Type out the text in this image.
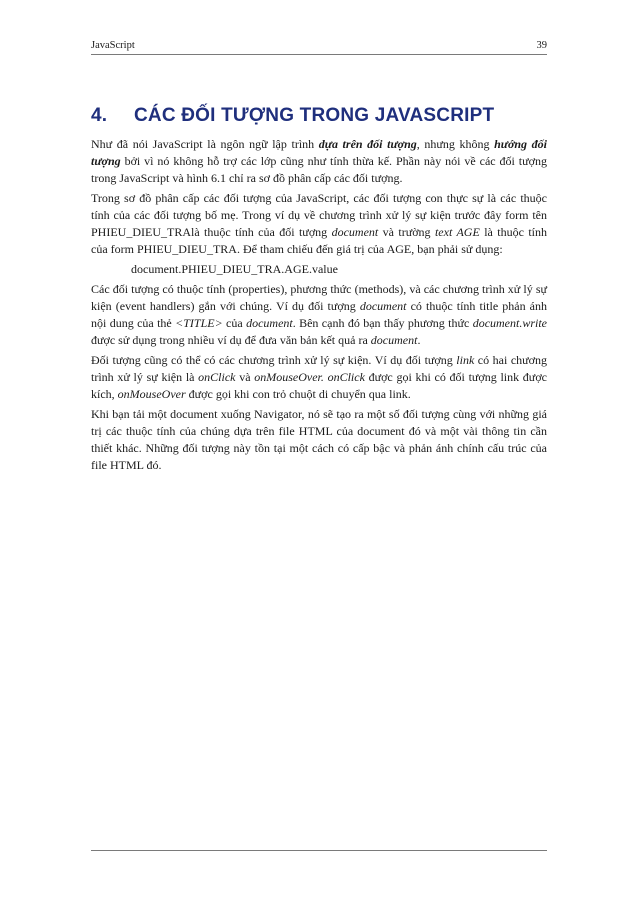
JavaScript	39
4.	CÁC ĐỐI TƯỢNG TRONG JAVASCRIPT

Như đã nói JavaScript là ngôn ngữ lập trình dựa trên đối tượng, nhưng không hướng đối tượng bởi vì nó không hỗ trợ các lớp cũng như tính thừa kế. Phần này nói về các đối tượng trong JavaScript và hình 6.1 chỉ ra sơ đồ phân cấp các đối tượng.

Trong sơ đồ phân cấp các đối tượng của JavaScript, các đối tượng con thực sự là các thuộc tính của các đối tượng bố mẹ. Trong ví dụ về chương trình xử lý sự kiện trước đây form tên PHIEU_DIEU_TRAlà thuộc tính của đối tượng document và trường text AGE là thuộc tính của form PHIEU_DIEU_TRA. Để tham chiếu đến giá trị của AGE, bạn phải sử dụng:

document.PHIEU_DIEU_TRA.AGE.value

Các đối tượng có thuộc tính (properties), phương thức (methods), và các chương trình xử lý sự kiện (event handlers) gắn với chúng. Ví dụ đối tượng document có thuộc tính title phản ánh nội dung của thẻ <TITLE> của document. Bên cạnh đó bạn thấy phương thức document.write được sử dụng trong nhiều ví dụ để đưa văn bản kết quả ra document.

Đối tượng cũng có thể có các chương trình xử lý sự kiện. Ví dụ đối tượng link có hai chương trình xử lý sự kiện là onClick và onMouseOver. onClick được gọi khi có đối tượng link được kích, onMouseOver được gọi khi con trỏ chuột di chuyển qua link.

Khi bạn tải một document xuống Navigator, nó sẽ tạo ra một số đối tượng cùng với những giá trị các thuộc tính của chúng dựa trên file HTML của document đó và một vài thông tin cần thiết khác. Những đối tượng này tồn tại một cách có cấp bậc và phản ánh chính cấu trúc của file HTML đó.
